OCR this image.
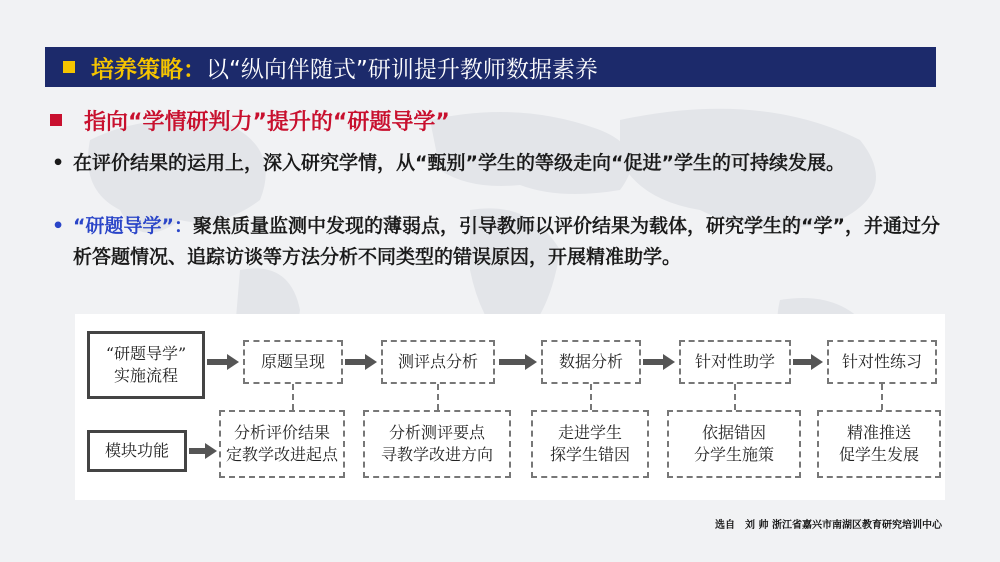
培养策略： 以“纵向伴随式”研训提升教师数据素养
指向“学情研判力”提升的“研题导学”
• 在评价结果的运用上，深入研究学情，从“甄别”学生的等级走向“促进”学生的可持续发展。
• “研题导学”：聚焦质量监测中发现的薄弱点，引导教师以评价结果为载体，研究学生的“学”，并通过分析答题情况、追踪访谈等方法分析不同类型的错误原因，开展精准助学。
“研题导学”
实施流程
模块功能
原题呈现	测评点分析	数据分析	针对性助学	针对性练习
分析评价结果
定教学改进起点
分析测评要点
寻教学改进方向
走进学生
探学生错因
依据错因
分学生施策
精准推送
促学生发展
选自　刘 帅 浙江省嘉兴市南湖区教育研究培训中心
